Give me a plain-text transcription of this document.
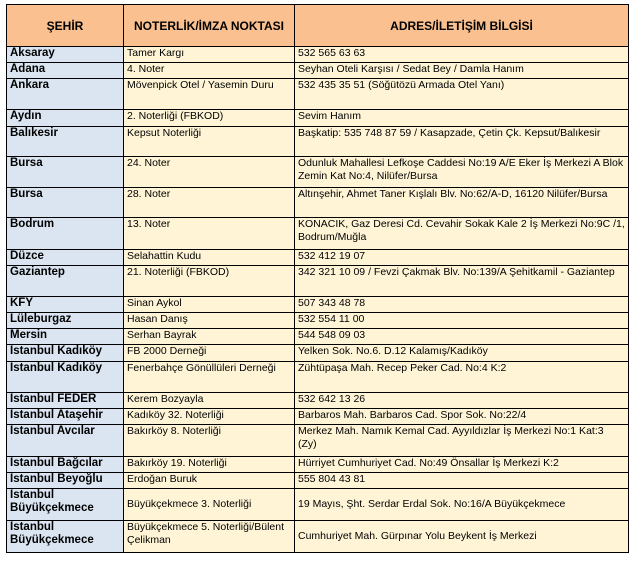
ŞEHİR	NOTERLİK/İMZA NOKTASI	ADRES/İLETİŞİM BİLGİSİ
Aksaray	Tamer Kargı	532 565 63 63
Adana	4. Noter	Seyhan Oteli Karşısı / Sedat Bey / Damla Hanım
Ankara	Mövenpick Otel / Yasemin Duru	532 435 35 51 (Söğütözü Armada Otel Yanı)
Aydın	2. Noterliği (FBKOD)	Sevim Hanım
Balıkesir	Kepsut Noterliği	Başkatip: 535 748 87 59 / Kasapzade, Çetin Çk. Kepsut/Balıkesir
Bursa	24. Noter	Odunluk Mahallesi Lefkoşe Caddesi No:19 A/E Eker İş Merkezi A Blok Zemin Kat No:4, Nilüfer/Bursa
Bursa	28. Noter	Altınşehir, Ahmet Taner Kışlalı Blv. No:62/A-D, 16120 Nilüfer/Bursa
Bodrum	13. Noter	KONACIK, Gaz Deresi Cd. Cevahir Sokak Kale 2 İş Merkezi No:9C /1, Bodrum/Muğla
Düzce	Selahattin Kudu	532 412 19 07
Gaziantep	21. Noterliği (FBKOD)	342 321 10 09 / Fevzi Çakmak Blv. No:139/A Şehitkamil - Gaziantep
KFY	Sinan Aykol	507 343 48 78
Lüleburgaz	Hasan Danış	532 554 11 00
Mersin	Serhan Bayrak	544 548 09 03
İstanbul Kadıköy	FB 2000 Derneği	Yelken Sok. No.6. D.12 Kalamış/Kadıköy
İstanbul Kadıköy	Fenerbahçe Gönüllüleri Derneği	Zühtüpaşa Mah. Recep Peker Cad. No:4 K:2
İstanbul FEDER	Kerem Bozyayla	532 642 13 26
İstanbul Ataşehir	Kadıköy 32. Noterliği	Barbaros Mah. Barbaros Cad. Spor Sok. No:22/4
İstanbul Avcılar	Bakırköy 8. Noterliği	Merkez Mah. Namık Kemal Cad. Ayyıldızlar İş Merkezi No:1 Kat:3 (Zy)
İstanbul Bağcılar	Bakırköy 19. Noterliği	Hürriyet Cumhuriyet Cad. No:49 Önsallar İş Merkezi K:2
İstanbul Beyoğlu	Erdoğan Buruk	555 804 43 81
İstanbul Büyükçekmece	Büyükçekmece 3. Noterliği	19 Mayıs, Şht. Serdar Erdal Sok. No:16/A Büyükçekmece
İstanbul Büyükçekmece	Büyükçekmece 5. Noterliği/Bülent Çelikman	Cumhuriyet Mah. Gürpınar Yolu Beykent İş Merkezi
